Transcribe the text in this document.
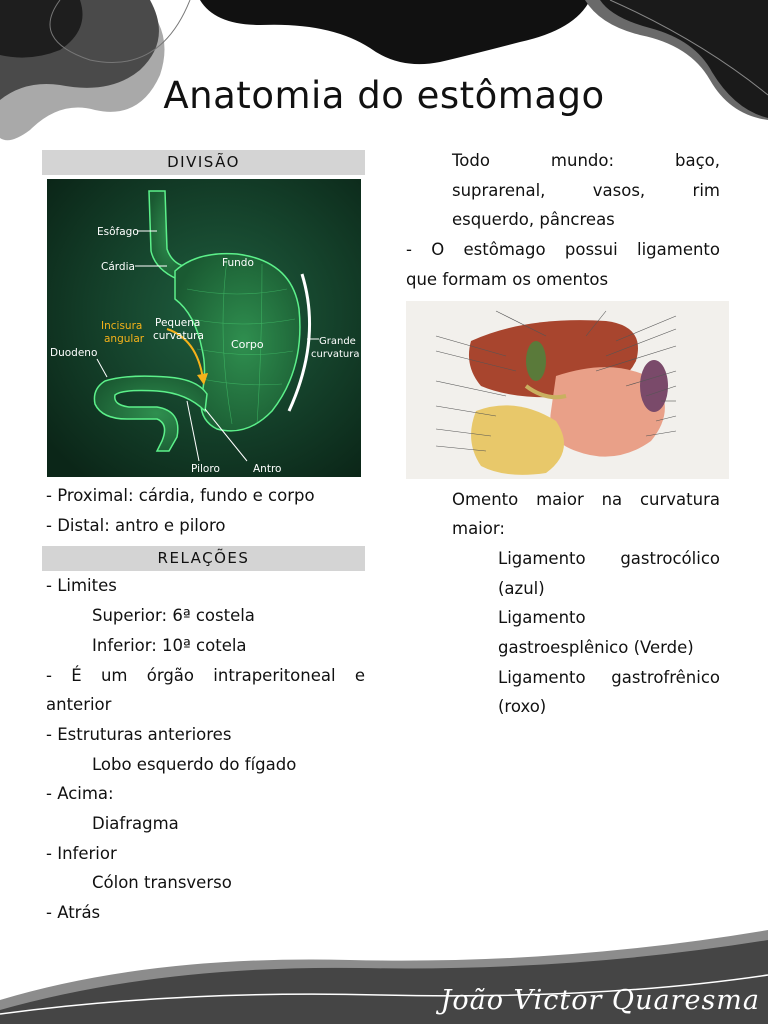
Anatomia do estômago
DIVISÃO
Esôfago
Cárdia	Fundo
Incisura
angular
Pequena
curvatura
Corpo	Grande
curvatura
Duodeno
Piloro	Antro
- Proximal: cárdia, fundo e corpo
- Distal: antro e piloro
RELAÇÕES
- Limites
Superior: 6ª costela
Inferior: 10ª cotela
- É um órgão intraperitoneal e
anterior
- Estruturas anteriores
Lobo esquerdo do fígado
- Acima:
Diafragma
- Inferior
Cólon transverso
- Atrás
Todo mundo: baço,
suprarenal, vasos, rim
esquerdo, pâncreas
- O estômago possui ligamento
que formam os omentos
Omento maior na curvatura
maior:
Ligamento gastrocólico
(azul)
Ligamento
gastroesplênico (Verde)
Ligamento gastrofrênico
(roxo)
João Victor Quaresma
